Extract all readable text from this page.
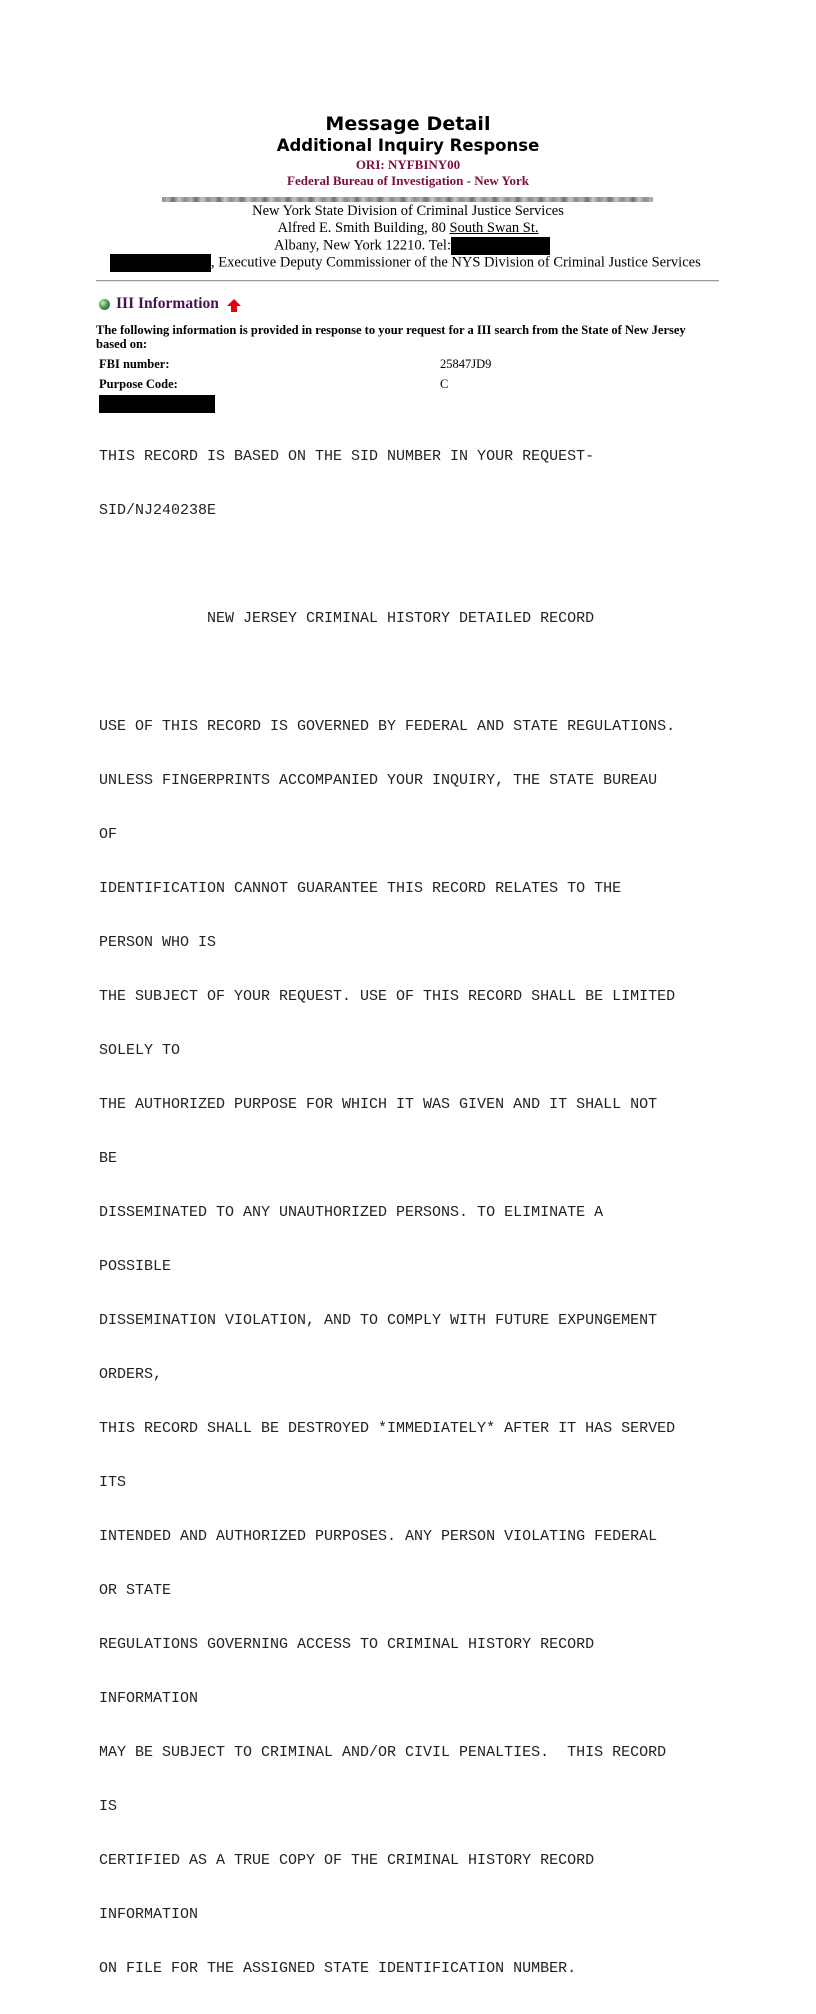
Message Detail
Additional Inquiry Response
ORI: NYFBINY00
Federal Bureau of Investigation - New York
New York State Division of Criminal Justice Services
Alfred E. Smith Building, 80 South Swan St.
Albany, New York 12210. Tel:
, Executive Deputy Commissioner of the NYS Division of Criminal Justice Services
III Information
The following information is provided in response to your request for a III search from the State of New Jersey based on:
FBI number:	25847JD9
Purpose Code:	C

THIS RECORD IS BASED ON THE SID NUMBER IN YOUR REQUEST-

SID/NJ240238E

NEW JERSEY CRIMINAL HISTORY DETAILED RECORD

USE OF THIS RECORD IS GOVERNED BY FEDERAL AND STATE REGULATIONS.

UNLESS FINGERPRINTS ACCOMPANIED YOUR INQUIRY, THE STATE BUREAU

OF

IDENTIFICATION CANNOT GUARANTEE THIS RECORD RELATES TO THE

PERSON WHO IS

THE SUBJECT OF YOUR REQUEST. USE OF THIS RECORD SHALL BE LIMITED

SOLELY TO

THE AUTHORIZED PURPOSE FOR WHICH IT WAS GIVEN AND IT SHALL NOT

BE

DISSEMINATED TO ANY UNAUTHORIZED PERSONS. TO ELIMINATE A

POSSIBLE

DISSEMINATION VIOLATION, AND TO COMPLY WITH FUTURE EXPUNGEMENT

ORDERS,

THIS RECORD SHALL BE DESTROYED *IMMEDIATELY* AFTER IT HAS SERVED

ITS

INTENDED AND AUTHORIZED PURPOSES. ANY PERSON VIOLATING FEDERAL

OR STATE

REGULATIONS GOVERNING ACCESS TO CRIMINAL HISTORY RECORD

INFORMATION

MAY BE SUBJECT TO CRIMINAL AND/OR CIVIL PENALTIES.  THIS RECORD

IS

CERTIFIED AS A TRUE COPY OF THE CRIMINAL HISTORY RECORD

INFORMATION

ON FILE FOR THE ASSIGNED STATE IDENTIFICATION NUMBER.
